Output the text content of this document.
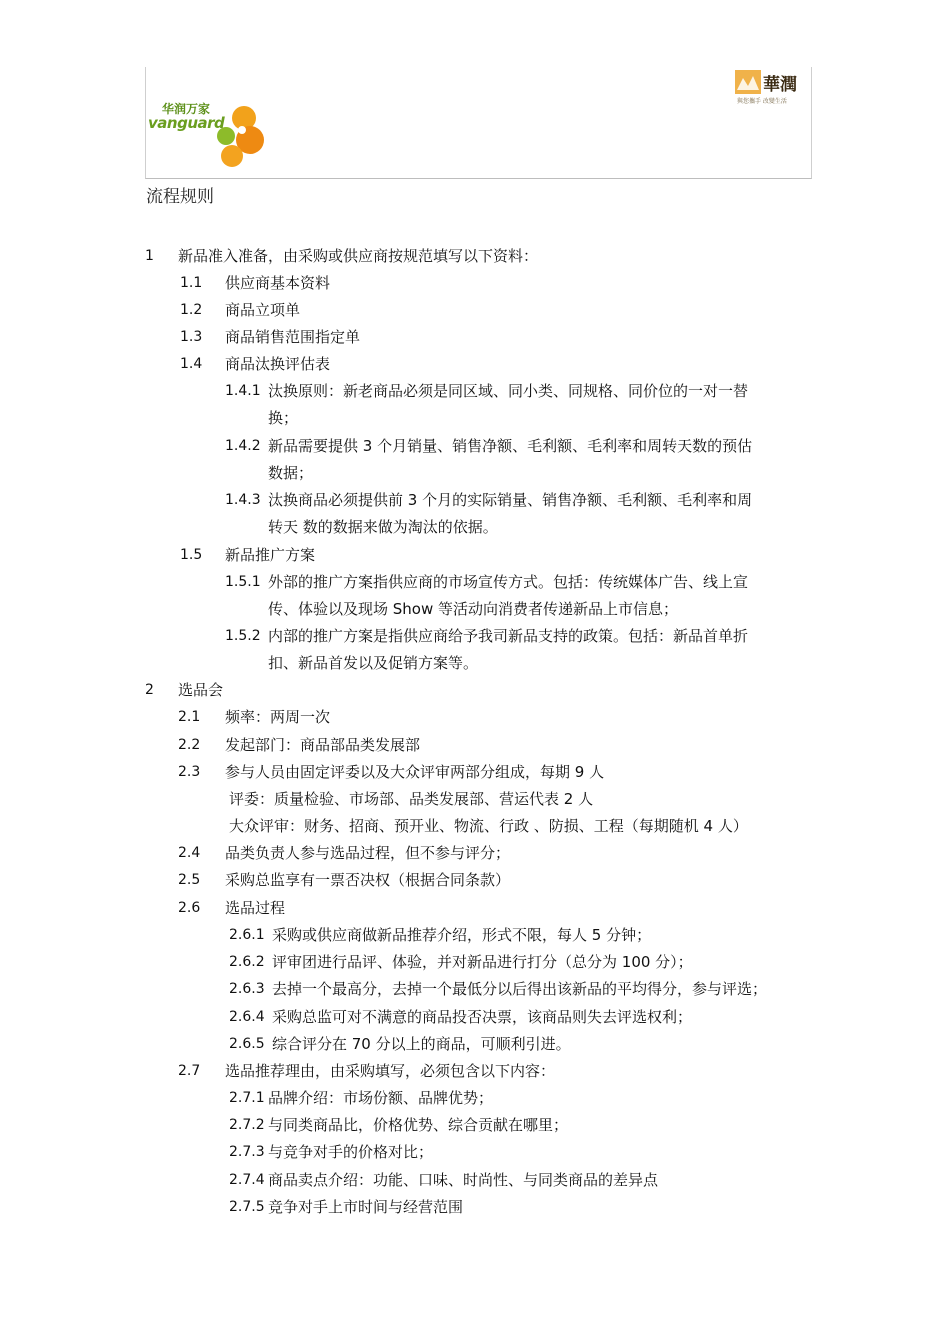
华润万家
vanguard
華潤
與您攜手 改變生活
流程规则
1 新品准入准备，由采购或供应商按规范填写以下资料：
1.1 供应商基本资料
1.2 商品立项单
1.3 商品销售范围指定单
1.4 商品汰换评估表
1.4.1 汰换原则：新老商品必须是同区域、同小类、同规格、同价位的一对一替
换；
1.4.2 新品需要提供 3 个月销量、销售净额、毛利额、毛利率和周转天数的预估
数据；
1.4.3 汰换商品必须提供前 3 个月的实际销量、销售净额、毛利额、毛利率和周
转天 数的数据来做为淘汰的依据。
1.5 新品推广方案
1.5.1 外部的推广方案指供应商的市场宣传方式。包括：传统媒体广告、线上宣
传、体验以及现场 Show 等活动向消费者传递新品上市信息；
1.5.2 内部的推广方案是指供应商给予我司新品支持的政策。包括：新品首单折
扣、新品首发以及促销方案等。
2 选品会
2.1 频率：两周一次
2.2 发起部门：商品部品类发展部
2.3 参与人员由固定评委以及大众评审两部分组成，每期 9 人
评委：质量检验、市场部、品类发展部、营运代表 2 人
大众评审：财务、招商、预开业、物流、行政 、防损、工程（每期随机 4 人）
2.4 品类负责人参与选品过程，但不参与评分；
2.5 采购总监享有一票否决权（根据合同条款）
2.6 选品过程
2.6.1 采购或供应商做新品推荐介绍，形式不限，每人 5 分钟；
2.6.2 评审团进行品评、体验，并对新品进行打分（总分为 100 分）；
2.6.3 去掉一个最高分，去掉一个最低分以后得出该新品的平均得分，参与评选；
2.6.4 采购总监可对不满意的商品投否决票，该商品则失去评选权利；
2.6.5 综合评分在 70 分以上的商品，可顺利引进。
2.7 选品推荐理由，由采购填写，必须包含以下内容：
2.7.1 品牌介绍：市场份额、品牌优势；
2.7.2 与同类商品比，价格优势、综合贡献在哪里；
2.7.3 与竞争对手的价格对比；
2.7.4 商品卖点介绍：功能、口味、时尚性、与同类商品的差异点
2.7.5 竞争对手上市时间与经营范围
